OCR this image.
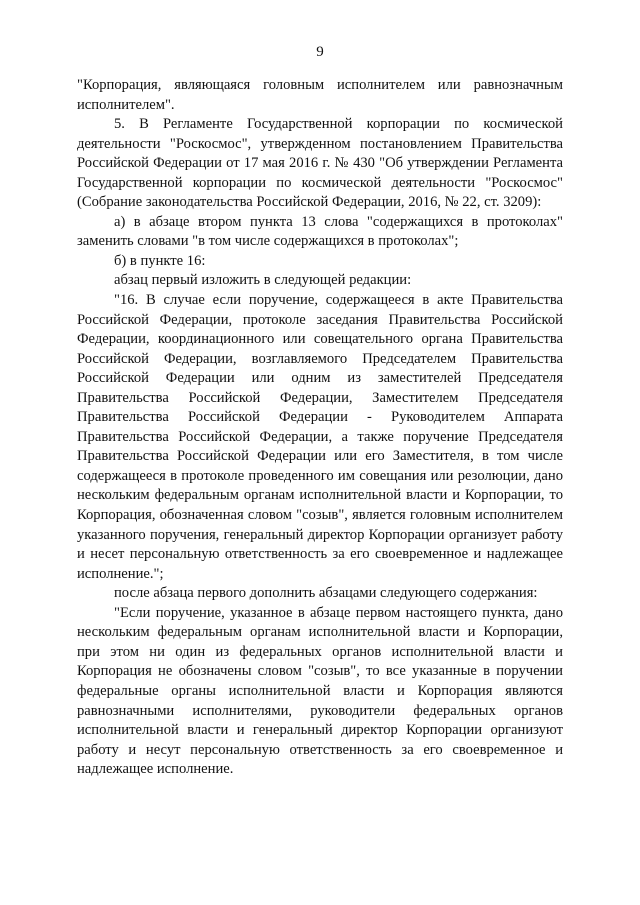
9

"Корпорация, являющаяся головным исполнителем или равнозначным исполнителем".

5. В Регламенте Государственной корпорации по космической деятельности "Роскосмос", утвержденном постановлением Правительства Российской Федерации от 17 мая 2016 г. № 430 "Об утверждении Регламента Государственной корпорации по космической деятельности "Роскосмос" (Собрание законодательства Российской Федерации, 2016, № 22, ст. 3209):

а) в абзаце втором пункта 13 слова "содержащихся в протоколах" заменить словами "в том числе содержащихся в протоколах";

б) в пункте 16:

абзац первый изложить в следующей редакции:

"16. В случае если поручение, содержащееся в акте Правительства Российской Федерации, протоколе заседания Правительства Российской Федерации, координационного или совещательного органа Правительства Российской Федерации, возглавляемого Председателем Правительства Российской Федерации или одним из заместителей Председателя Правительства Российской Федерации, Заместителем Председателя Правительства Российской Федерации - Руководителем Аппарата Правительства Российской Федерации, а также поручение Председателя Правительства Российской Федерации или его Заместителя, в том числе содержащееся в протоколе проведенного им совещания или резолюции, дано нескольким федеральным органам исполнительной власти и Корпорации, то Корпорация, обозначенная словом "созыв", является головным исполнителем указанного поручения, генеральный директор Корпорации организует работу и несет персональную ответственность за его своевременное и надлежащее исполнение.";

после абзаца первого дополнить абзацами следующего содержания:

"Если поручение, указанное в абзаце первом настоящего пункта, дано нескольким федеральным органам исполнительной власти и Корпорации, при этом ни один из федеральных органов исполнительной власти и Корпорация не обозначены словом "созыв", то все указанные в поручении федеральные органы исполнительной власти и Корпорация являются равнозначными исполнителями, руководители федеральных органов исполнительной власти и генеральный директор Корпорации организуют работу и несут персональную ответственность за его своевременное и надлежащее исполнение.
